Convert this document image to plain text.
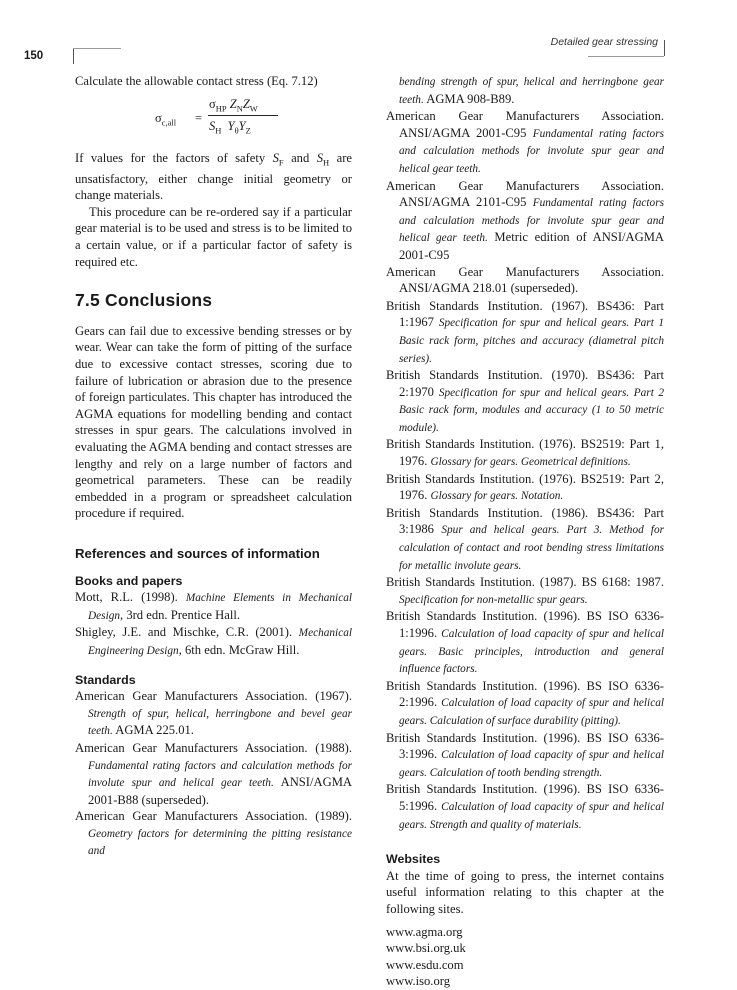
150
Detailed gear stressing

Calculate the allowable contact stress (Eq. 7.12)

$\sigma_{c,all}$ =
$\sigma_{HP}$ $Z_NZ_W$
$S_H$ $Y_\theta Y_Z$

If values for the factors of safety $S_F$ and $S_H$ are unsatisfactory, either change initial geometry or change materials.

This procedure can be re-ordered say if a particular gear material is to be used and stress is to be limited to a certain value, or if a particular factor of safety is required etc.

7.5 Conclusions

Gears can fail due to excessive bending stresses or by wear. Wear can take the form of pitting of the surface due to excessive contact stresses, scoring due to failure of lubrication or abrasion due to the presence of foreign particulates. This chapter has introduced the AGMA equations for modelling bending and contact stresses in spur gears. The calculations involved in evaluating the AGMA bending and contact stresses are lengthy and rely on a large number of factors and geometrical parameters. These can be readily embedded in a program or spreadsheet calculation procedure if required.

References and sources of information
Books and papers

Mott, R.L. (1998). Machine Elements in Mechanical Design, 3rd edn. Prentice Hall.

Shigley, J.E. and Mischke, C.R. (2001). Mechanical Engineering Design, 6th edn. McGraw Hill.

Standards

American Gear Manufacturers Association. (1967). Strength of spur, helical, herringbone and bevel gear teeth. AGMA 225.01.

American Gear Manufacturers Association. (1988). Fundamental rating factors and calculation methods for involute spur and helical gear teeth. ANSI/AGMA 2001-B88 (superseded).

American Gear Manufacturers Association. (1989). Geometry factors for determining the pitting resistance and

bending strength of spur, helical and herringbone gear teeth. AGMA 908-B89.

American Gear Manufacturers Association. ANSI/AGMA 2001-C95 Fundamental rating factors and calculation methods for involute spur gear and helical gear teeth.

American Gear Manufacturers Association. ANSI/AGMA 2101-C95 Fundamental rating factors and calculation methods for involute spur gear and helical gear teeth. Metric edition of ANSI/AGMA 2001-C95

American Gear Manufacturers Association. ANSI/AGMA 218.01 (superseded).

British Standards Institution. (1967). BS436: Part 1:1967 Specification for spur and helical gears. Part 1 Basic rack form, pitches and accuracy (diametral pitch series).

British Standards Institution. (1970). BS436: Part 2:1970 Specification for spur and helical gears. Part 2 Basic rack form, modules and accuracy (1 to 50 metric module).

British Standards Institution. (1976). BS2519: Part 1, 1976. Glossary for gears. Geometrical definitions.

British Standards Institution. (1976). BS2519: Part 2, 1976. Glossary for gears. Notation.

British Standards Institution. (1986). BS436: Part 3:1986 Spur and helical gears. Part 3. Method for calculation of contact and root bending stress limitations for metallic involute gears.

British Standards Institution. (1987). BS 6168: 1987. Specification for non-metallic spur gears.

British Standards Institution. (1996). BS ISO 6336-1:1996. Calculation of load capacity of spur and helical gears. Basic principles, introduction and general influence factors.

British Standards Institution. (1996). BS ISO 6336-2:1996. Calculation of load capacity of spur and helical gears. Calculation of surface durability (pitting).

British Standards Institution. (1996). BS ISO 6336-3:1996. Calculation of load capacity of spur and helical gears. Calculation of tooth bending strength.

British Standards Institution. (1996). BS ISO 6336-5:1996. Calculation of load capacity of spur and helical gears. Strength and quality of materials.

Websites

At the time of going to press, the internet contains useful information relating to this chapter at the following sites.

www.agma.org

www.bsi.org.uk

www.esdu.com

www.iso.org
